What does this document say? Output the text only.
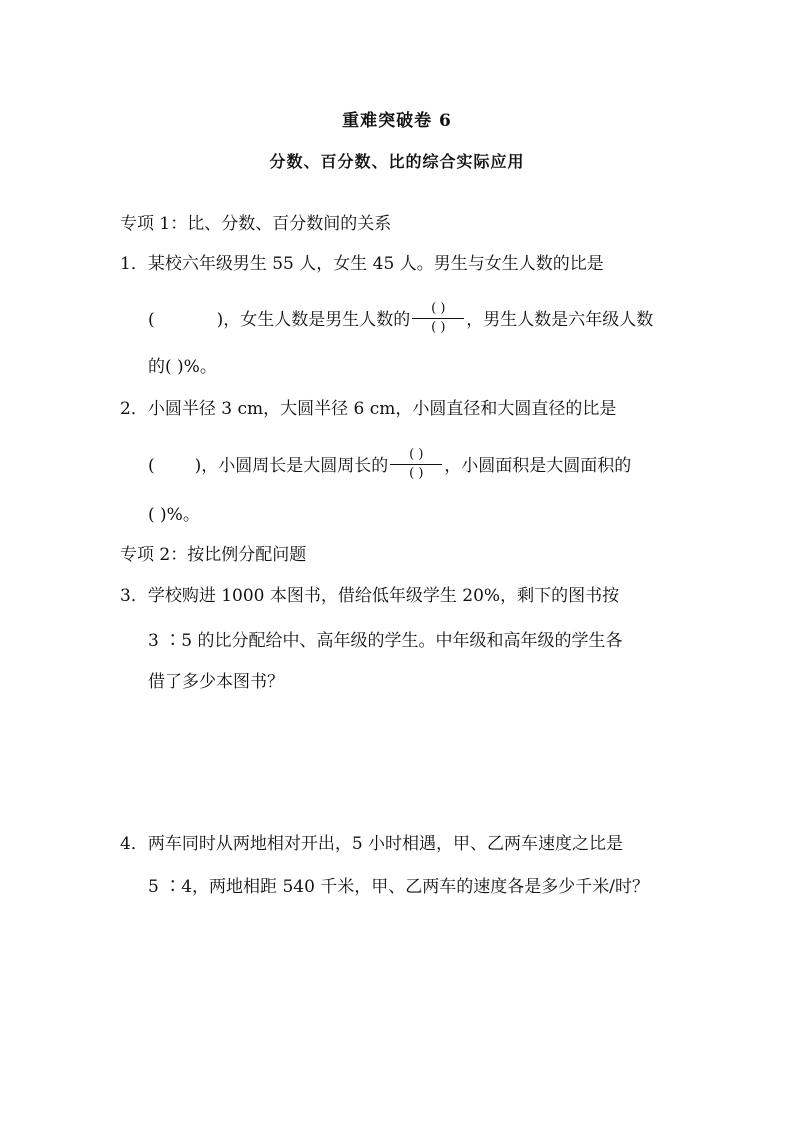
重难突破卷 6
分数、百分数、比的综合实际应用
专项 1：比、分数、百分数间的关系
1．某校六年级男生 55 人，女生 45 人。男生与女生人数的比是
(	)，女生人数是男生人数的 $\frac{( )}{( )}$ ，男生人数是六年级人数
的( )%。
2．小圆半径 3 cm，大圆半径 6 cm，小圆直径和大圆直径的比是
( )，小圆周长是大圆周长的 $\frac{( )}{( )}$ ，小圆面积是大圆面积的
( )%。
专项 2：按比例分配问题
3．学校购进 1000 本图书，借给低年级学生 20%，剩下的图书按
3 ∶5 的比分配给中、高年级的学生。中年级和高年级的学生各
借了多少本图书？
4．两车同时从两地相对开出，5 小时相遇，甲、乙两车速度之比是
5 ∶4，两地相距 540 千米，甲、乙两车的速度各是多少千米/时？
